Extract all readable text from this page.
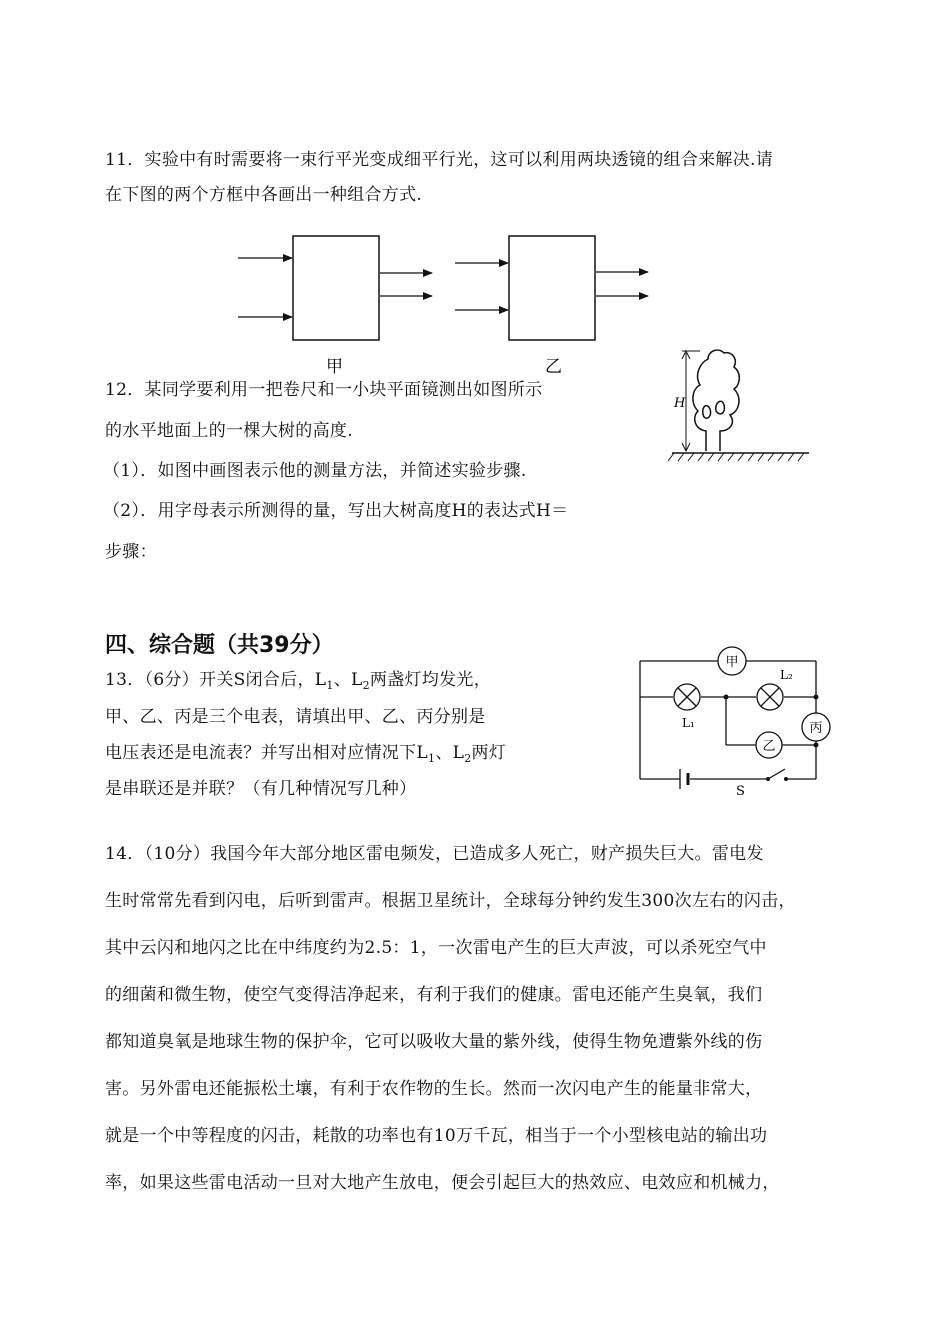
11．实验中有时需要将一束行平光变成细平行光，这可以利用两块透镜的组合来解决.请
在下图的两个方框中各画出一种组合方式.
甲	乙
12．某同学要利用一把卷尺和一小块平面镜测出如图所示
的水平地面上的一棵大树的高度.
（1）．如图中画图表示他的测量方法，并简述实验步骤.
（2）．用字母表示所测得的量，写出大树高度H的表达式H＝
步骤：
H
四、综合题（共39分）
13．（6分）开关S闭合后，$L_1$、$L_2$两盏灯均发光，
甲、乙、丙是三个电表，请填出甲、乙、丙分别是
电压表还是电流表？并写出相对应情况下$L_1$、$L_2$两灯
是串联还是并联？（有几种情况写几种）
甲
L₁
L₂
丙
乙
S
14．（10分）我国今年大部分地区雷电频发，已造成多人死亡，财产损失巨大。雷电发
生时常常先看到闪电，后听到雷声。根据卫星统计，全球每分钟约发生300次左右的闪击，
其中云闪和地闪之比在中纬度约为2.5：1，一次雷电产生的巨大声波，可以杀死空气中
的细菌和微生物，使空气变得洁净起来，有利于我们的健康。雷电还能产生臭氧，我们
都知道臭氧是地球生物的保护伞，它可以吸收大量的紫外线，使得生物免遭紫外线的伤
害。另外雷电还能振松土壤，有利于农作物的生长。然而一次闪电产生的能量非常大，
就是一个中等程度的闪击，耗散的功率也有10万千瓦，相当于一个小型核电站的输出功
率，如果这些雷电活动一旦对大地产生放电，便会引起巨大的热效应、电效应和机械力，
